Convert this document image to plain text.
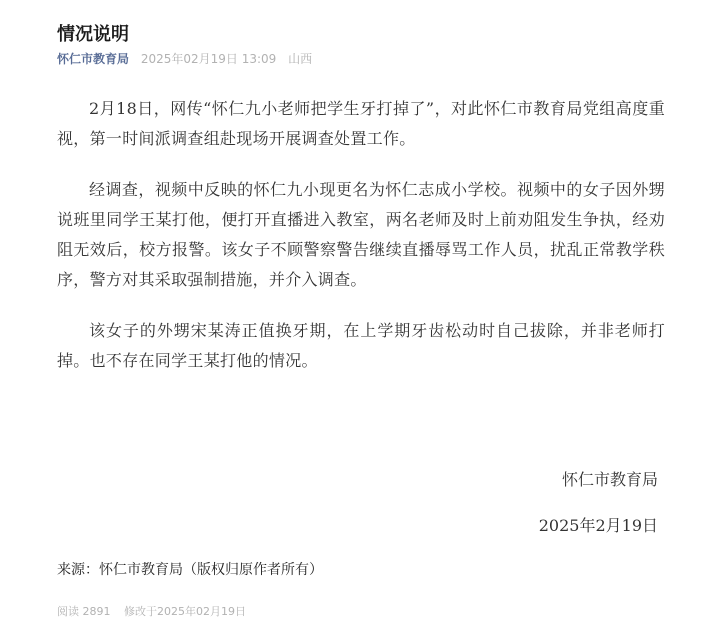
情况说明
怀仁市教育局 2025年02月19日 13:09 山西

2月18日，网传“怀仁九小老师把学生牙打掉了”，对此怀仁市教育局党组高度重视，第一时间派调查组赴现场开展调查处置工作。

经调查，视频中反映的怀仁九小现更名为怀仁志成小学校。视频中的女子因外甥说班里同学王某打他，便打开直播进入教室，两名老师及时上前劝阻发生争执，经劝阻无效后，校方报警。该女子不顾警察警告继续直播辱骂工作人员，扰乱正常教学秩序，警方对其采取强制措施，并介入调查。

该女子的外甥宋某涛正值换牙期，在上学期牙齿松动时自己拔除，并非老师打掉。也不存在同学王某打他的情况。

怀仁市教育局
2025年2月19日
来源：怀仁市教育局（版权归原作者所有）
阅读 2891 修改于2025年02月19日
